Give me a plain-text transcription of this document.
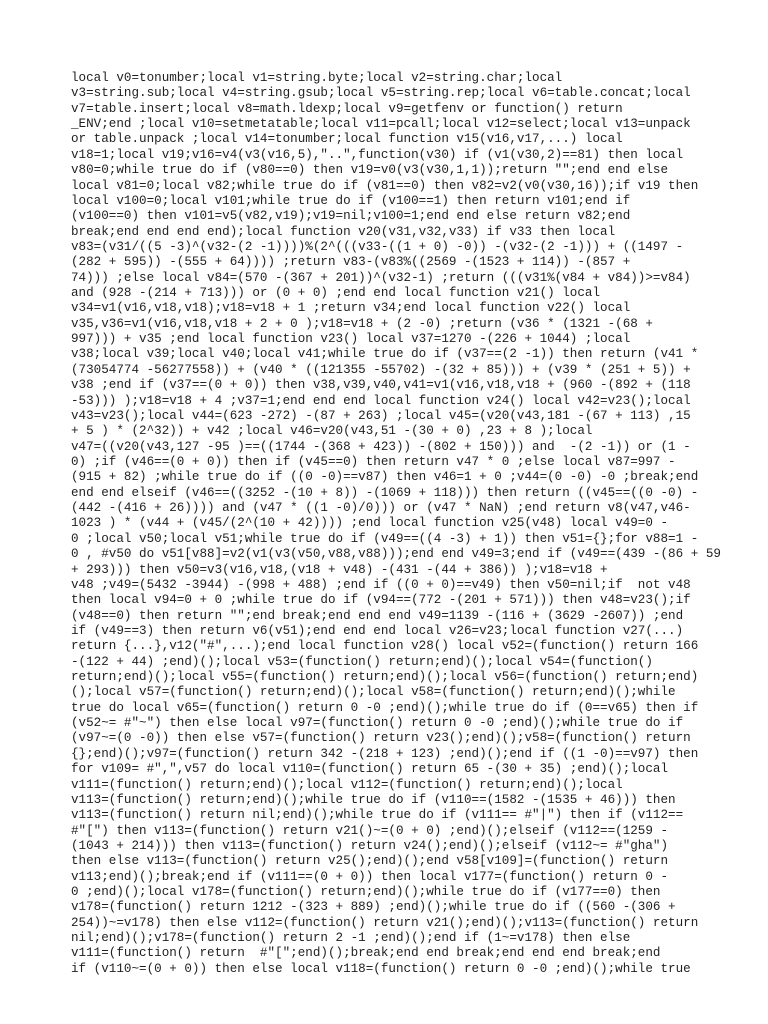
local v0=tonumber;local v1=string.byte;local v2=string.char;local
v3=string.sub;local v4=string.gsub;local v5=string.rep;local v6=table.concat;local
v7=table.insert;local v8=math.ldexp;local v9=getfenv or function() return
_ENV;end ;local v10=setmetatable;local v11=pcall;local v12=select;local v13=unpack
or table.unpack ;local v14=tonumber;local function v15(v16,v17,...) local
v18=1;local v19;v16=v4(v3(v16,5),"..",function(v30) if (v1(v30,2)==81) then local
v80=0;while true do if (v80==0) then v19=v0(v3(v30,1,1));return "";end end else
local v81=0;local v82;while true do if (v81==0) then v82=v2(v0(v30,16));if v19 then
local v100=0;local v101;while true do if (v100==1) then return v101;end if
(v100==0) then v101=v5(v82,v19);v19=nil;v100=1;end end else return v82;end
break;end end end end);local function v20(v31,v32,v33) if v33 then local
v83=(v31/((5 -3)^(v32-(2 -1))))%(2^(((v33-((1 + 0) -0)) -(v32-(2 -1))) + ((1497 -
(282 + 595)) -(555 + 64)))) ;return v83-(v83%((2569 -(1523 + 114)) -(857 +
74))) ;else local v84=(570 -(367 + 201))^(v32-1) ;return (((v31%(v84 + v84))>=v84)
and (928 -(214 + 713))) or (0 + 0) ;end end local function v21() local
v34=v1(v16,v18,v18);v18=v18 + 1 ;return v34;end local function v22() local
v35,v36=v1(v16,v18,v18 + 2 + 0 );v18=v18 + (2 -0) ;return (v36 * (1321 -(68 +
997))) + v35 ;end local function v23() local v37=1270 -(226 + 1044) ;local
v38;local v39;local v40;local v41;while true do if (v37==(2 -1)) then return (v41 *
(73054774 -56277558)) + (v40 * ((121355 -55702) -(32 + 85))) + (v39 * (251 + 5)) +
v38 ;end if (v37==(0 + 0)) then v38,v39,v40,v41=v1(v16,v18,v18 + (960 -(892 + (118
-53))) );v18=v18 + 4 ;v37=1;end end end local function v24() local v42=v23();local
v43=v23();local v44=(623 -272) -(87 + 263) ;local v45=(v20(v43,181 -(67 + 113) ,15
+ 5 ) * (2^32)) + v42 ;local v46=v20(v43,51 -(30 + 0) ,23 + 8 );local
v47=((v20(v43,127 -95 )==((1744 -(368 + 423)) -(802 + 150))) and  -(2 -1)) or (1 -
0) ;if (v46==(0 + 0)) then if (v45==0) then return v47 * 0 ;else local v87=997 -
(915 + 82) ;while true do if ((0 -0)==v87) then v46=1 + 0 ;v44=(0 -0) -0 ;break;end
end end elseif (v46==((3252 -(10 + 8)) -(1069 + 118))) then return ((v45==((0 -0) -
(442 -(416 + 26)))) and (v47 * ((1 -0)/0))) or (v47 * NaN) ;end return v8(v47,v46-
1023 ) * (v44 + (v45/(2^(10 + 42)))) ;end local function v25(v48) local v49=0 -
0 ;local v50;local v51;while true do if (v49==((4 -3) + 1)) then v51={};for v88=1 -
0 , #v50 do v51[v88]=v2(v1(v3(v50,v88,v88)));end end v49=3;end if (v49==(439 -(86 + 59
+ 293))) then v50=v3(v16,v18,(v18 + v48) -(431 -(44 + 386)) );v18=v18 +
v48 ;v49=(5432 -3944) -(998 + 488) ;end if ((0 + 0)==v49) then v50=nil;if  not v48
then local v94=0 + 0 ;while true do if (v94==(772 -(201 + 571))) then v48=v23();if
(v48==0) then return "";end break;end end end v49=1139 -(116 + (3629 -2607)) ;end
if (v49==3) then return v6(v51);end end end local v26=v23;local function v27(...)
return {...},v12("#",...);end local function v28() local v52=(function() return 166
-(122 + 44) ;end)();local v53=(function() return;end)();local v54=(function()
return;end)();local v55=(function() return;end)();local v56=(function() return;end)
();local v57=(function() return;end)();local v58=(function() return;end)();while
true do local v65=(function() return 0 -0 ;end)();while true do if (0==v65) then if
(v52~= #"~") then else local v97=(function() return 0 -0 ;end)();while true do if
(v97~=(0 -0)) then else v57=(function() return v23();end)();v58=(function() return
{};end)();v97=(function() return 342 -(218 + 123) ;end)();end if ((1 -0)==v97) then
for v109= #",",v57 do local v110=(function() return 65 -(30 + 35) ;end)();local
v111=(function() return;end)();local v112=(function() return;end)();local
v113=(function() return;end)();while true do if (v110==(1582 -(1535 + 46))) then
v113=(function() return nil;end)();while true do if (v111== #"|") then if (v112==
#"[") then v113=(function() return v21()~=(0 + 0) ;end)();elseif (v112==(1259 -
(1043 + 214))) then v113=(function() return v24();end)();elseif (v112~= #"gha")
then else v113=(function() return v25();end)();end v58[v109]=(function() return
v113;end)();break;end if (v111==(0 + 0)) then local v177=(function() return 0 -
0 ;end)();local v178=(function() return;end)();while true do if (v177==0) then
v178=(function() return 1212 -(323 + 889) ;end)();while true do if ((560 -(306 +
254))~=v178) then else v112=(function() return v21();end)();v113=(function() return
nil;end)();v178=(function() return 2 -1 ;end)();end if (1~=v178) then else
v111=(function() return  #"[";end)();break;end end break;end end end break;end
if (v110~=(0 + 0)) then else local v118=(function() return 0 -0 ;end)();while true
